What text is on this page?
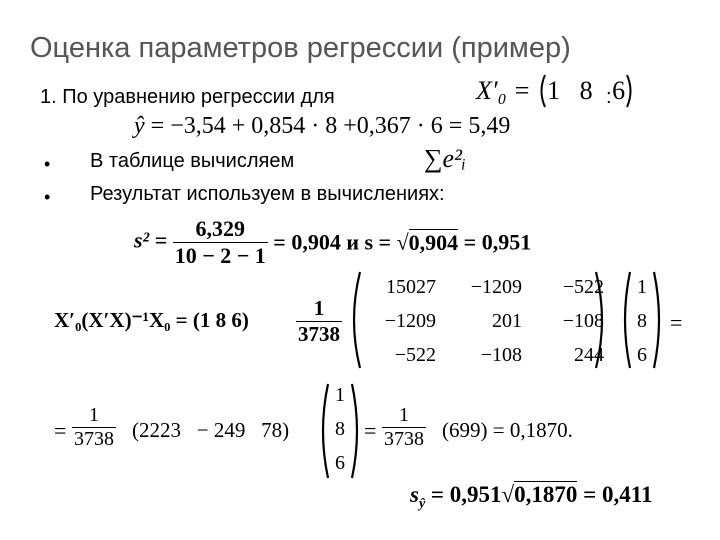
Оценка параметров регрессии (пример)
1. По уравнению регрессии для	X′₀ = 1 8 6
:
ŷ = −3,54 + 0,854 · 8 +0,367 · 6 = 5,49
• В таблице вычисляем	∑e²ᵢ
• Результат используем в вычислениях:
$s^2 = \frac{6,329}{10 - 2 - 1} = 0,904$ и s = √0,904 = 0,951
X′₀(X′X)⁻¹X₀ = (1 8 $6) \frac{1}{3738}$
15027	−1209	−522
−1209	201	−108
−522	−108	244
1
8
6
=
= $\frac{1}{3738} (2223 - 249$   78)
1
8
6
= $\frac{1}{3738} (699) = 0,1870$.
$s_ŷ = 0,951√0,1870 = 0,411$
